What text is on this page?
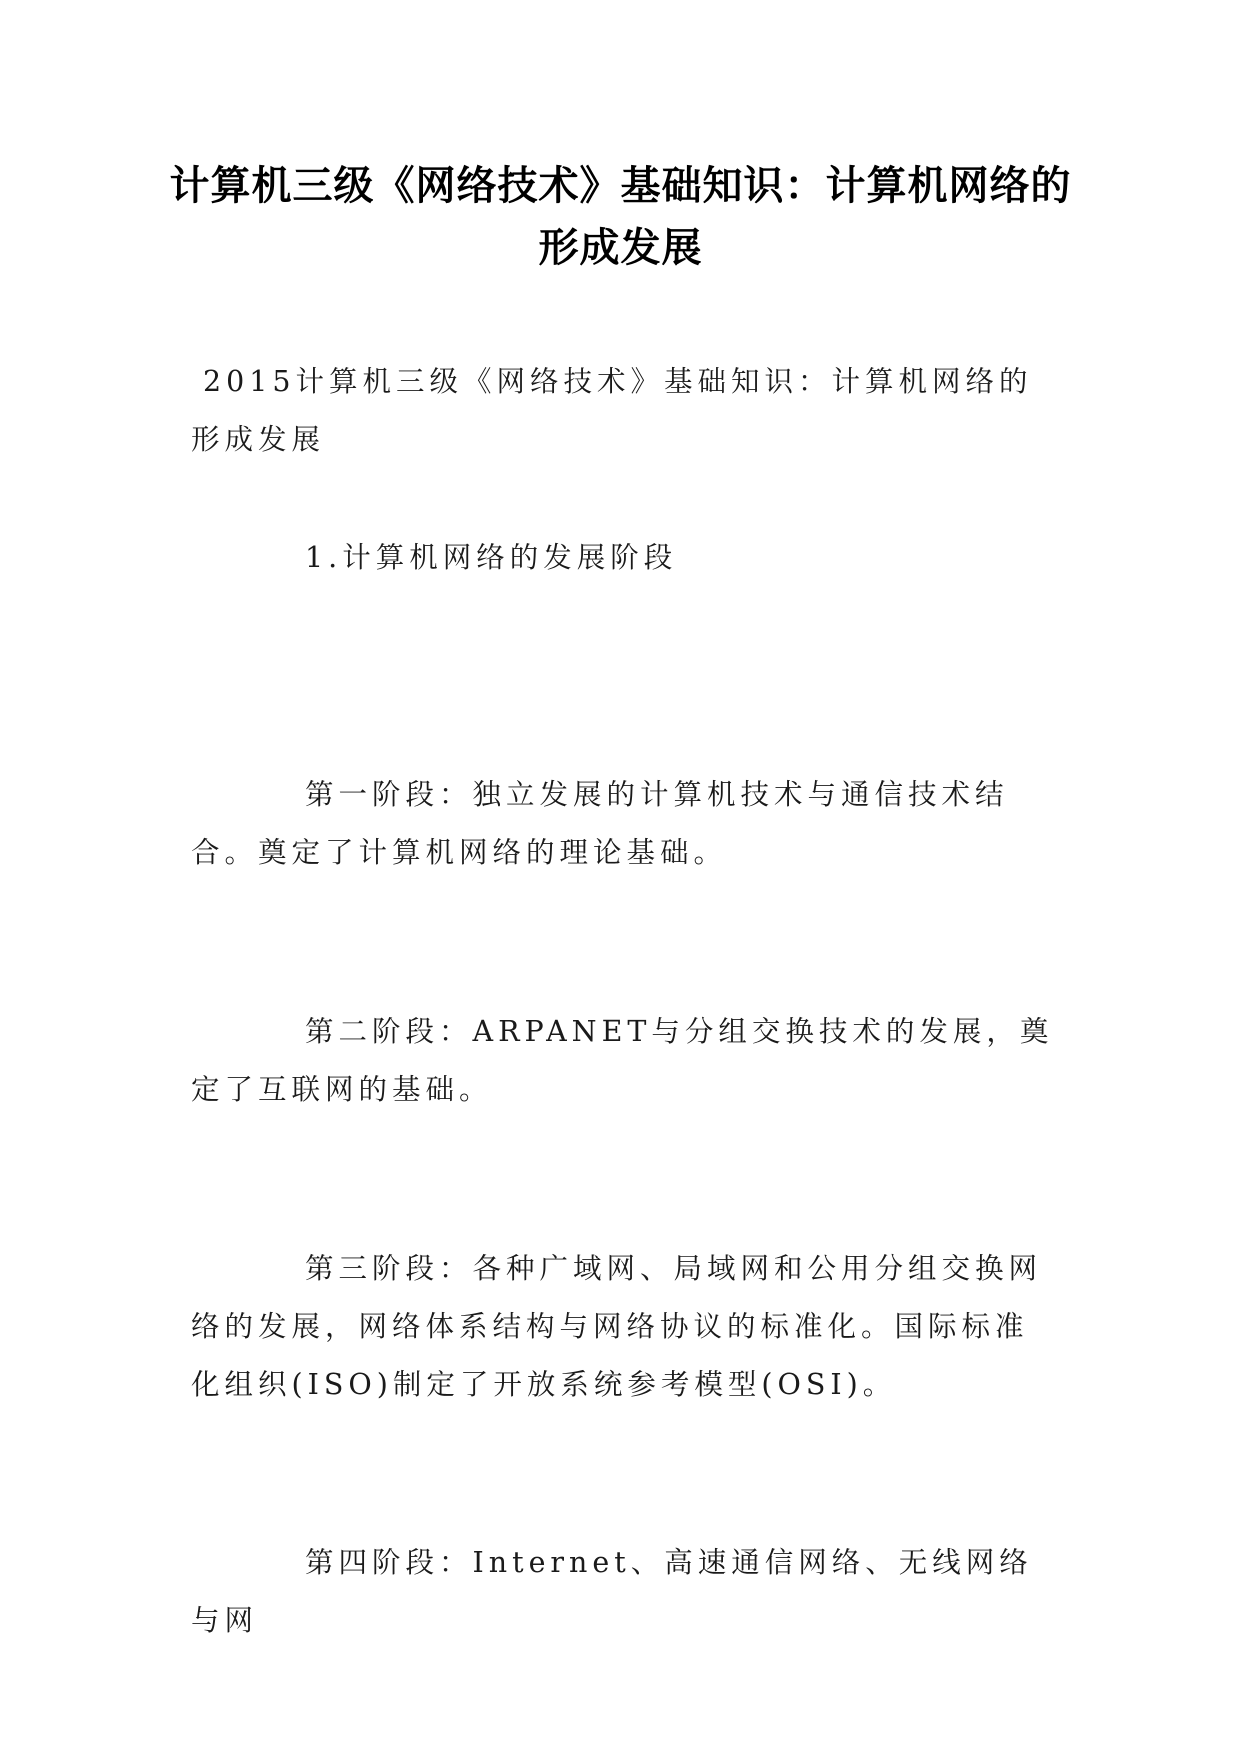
计算机三级《网络技术》基础知识：计算机网络的形成发展

2015计算机三级《网络技术》基础知识：计算机网络的形成发展

1.计算机网络的发展阶段

第一阶段：独立发展的计算机技术与通信技术结合。奠定了计算机网络的理论基础。

第二阶段：ARPANET与分组交换技术的发展，奠定了互联网的基础。

第三阶段：各种广域网、局域网和公用分组交换网络的发展，网络体系结构与网络协议的标准化。国际标准化组织(ISO)制定了开放系统参考模型(OSI)。

第四阶段：Internet、高速通信网络、无线网络与网
